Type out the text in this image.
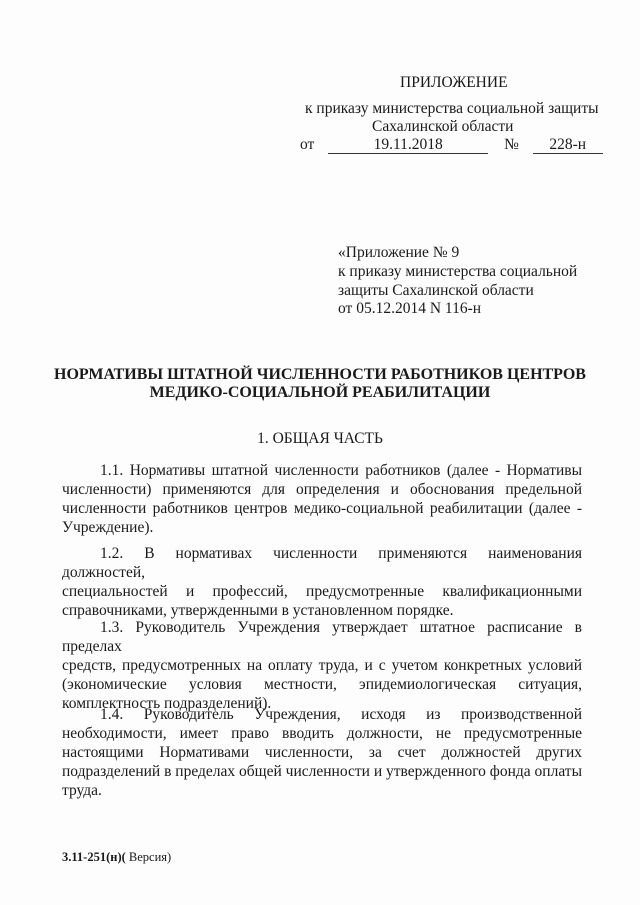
ПРИЛОЖЕНИЕ
к приказу министерства социальной защиты
Сахалинской области
от	19.11.2018	№ 228-н
«Приложение № 9
к приказу министерства социальной
защиты Сахалинской области
от 05.12.2014 N 116-н
НОРМАТИВЫ ШТАТНОЙ ЧИСЛЕННОСТИ РАБОТНИКОВ ЦЕНТРОВ
МЕДИКО-СОЦИАЛЬНОЙ РЕАБИЛИТАЦИИ
1. ОБЩАЯ ЧАСТЬ

1.1. Нормативы штатной численности работников (далее - Нормативы

численности) применяются для определения и обоснования предельной

численности работников центров медико-социальной реабилитации (далее -

Учреждение).

1.2. В нормативах численности применяются наименования должностей,

специальностей и профессий, предусмотренные квалификационными

справочниками, утвержденными в установленном порядке.

1.3. Руководитель Учреждения утверждает штатное расписание в пределах

средств, предусмотренных на оплату труда, и с учетом конкретных условий

(экономические условия местности, эпидемиологическая ситуация,

комплектность подразделений).

1.4. Руководитель Учреждения, исходя из производственной

необходимости, имеет право вводить должности, не предусмотренные

настоящими Нормативами численности, за счет должностей других

подразделений в пределах общей численности и утвержденного фонда оплаты

труда.

3.11-251(н)( Версия)
